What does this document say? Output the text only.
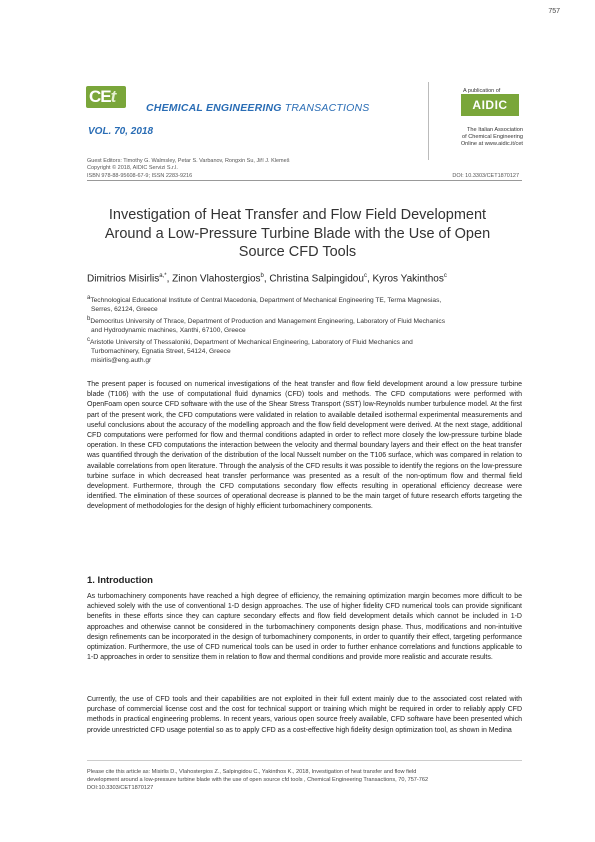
757
CEt
CHEMICAL ENGINEERING TRANSACTIONS
VOL. 70, 2018
A publication of
AIDIC
The Italian Association
of Chemical Engineering
Online at www.aidic.it/cet
Guest Editors: Timothy G. Walmsley, Petar S. Varbanov, Rongxin Su, Jiří J. Klemeš
Copyright © 2018, AIDIC Servizi S.r.l.
ISBN 978-88-95608-67-9; ISSN 2283-9216	DOI: 10.3303/CET1870127
Investigation of Heat Transfer and Flow Field Development Around a Low-Pressure Turbine Blade with the Use of Open Source CFD Tools
Dimitrios Misirlis$^{a,*}$, Zinon Vlahostergios$^b$, Christina Salpingidou$^c$, Kyros Yakinthos$^c$
$^a$Technological Educational Institute of Central Macedonia, Department of Mechanical Engineering TE, Terma Magnesias,
Serres, 62124, Greece
$^b$Democritus University of Thrace, Department of Production and Management Engineering, Laboratory of Fluid Mechanics
and Hydrodynamic machines, Xanthi, 67100, Greece
$^c$Aristotle University of Thessaloniki, Department of Mechanical Engineering, Laboratory of Fluid Mechanics and
Turbomachinery, Egnatia Street, 54124, Greece
misirlis@eng.auth.gr
The present paper is focused on numerical investigations of the heat transfer and flow field development around a low pressure turbine blade (T106) with the use of computational fluid dynamics (CFD) tools and methods. The CFD computations were performed with OpenFoam open source CFD software with the use of the Shear Stress Transport (SST) low-Reynolds number turbulence model. At the first part of the present work, the CFD computations were validated in relation to available detailed isothermal experimental measurements and useful conclusions about the accuracy of the modelling approach and the flow field development were derived. At the next stage, additional CFD computations were performed for flow and thermal conditions adapted in order to reflect more closely the low-pressure turbine blade operation. In these CFD computations the interaction between the velocity and thermal boundary layers and their effect on the heat transfer was quantified through the derivation of the distribution of the local Nusselt number on the T106 surface, which was compared in relation to available correlations from open literature. Through the analysis of the CFD results it was possible to identify the regions on the low-pressure turbine surface in which decreased heat transfer performance was presented as a result of the non-optimum flow and thermal field development. Furthermore, through the CFD computations secondary flow effects resulting in operational efficiency decrease were identified. The elimination of these sources of operational decrease is planned to be the main target of future research efforts targeting the development of methodologies for the design of highly efficient turbomachinery components.
1. Introduction
As turbomachinery components have reached a high degree of efficiency, the remaining optimization margin becomes more difficult to be achieved solely with the use of conventional 1-D design approaches. The use of higher fidelity CFD numerical tools can provide significant benefits in these efforts since they can capture secondary effects and flow field development details which cannot be included in 1-D approaches and otherwise cannot be considered in the turbomachinery components design phase. Thus, modifications and non-intuitive design refinements can be incorporated in the design of turbomachinery components, in order to quantify their effect, targeting performance optimization. Furthermore, the use of CFD numerical tools can be used in order to further enhance correlations and functions applicable to 1-D approaches in order to sensitize them in relation to flow and thermal conditions and provide more realistic and accurate results.
Currently, the use of CFD tools and their capabilities are not exploited in their full extent mainly due to the associated cost related with purchase of commercial license cost and the cost for technical support or training which might be required in order to reliably apply CFD methods in practical engineering problems. In recent years, various open source freely available, CFD software have been presented which provide unrestricted CFD usage potential so as to apply CFD as a cost-effective high fidelity design optimization tool, as shown in Medina
Please cite this article as: Misirlis D., Vlahostergios Z., Salpingidou C., Yakinthos K., 2018, Investigation of heat transfer and flow field
development around a low-pressure turbine blade with the use of open source cfd tools , Chemical Engineering Transactions, 70, 757-762
DOI:10.3303/CET1870127
